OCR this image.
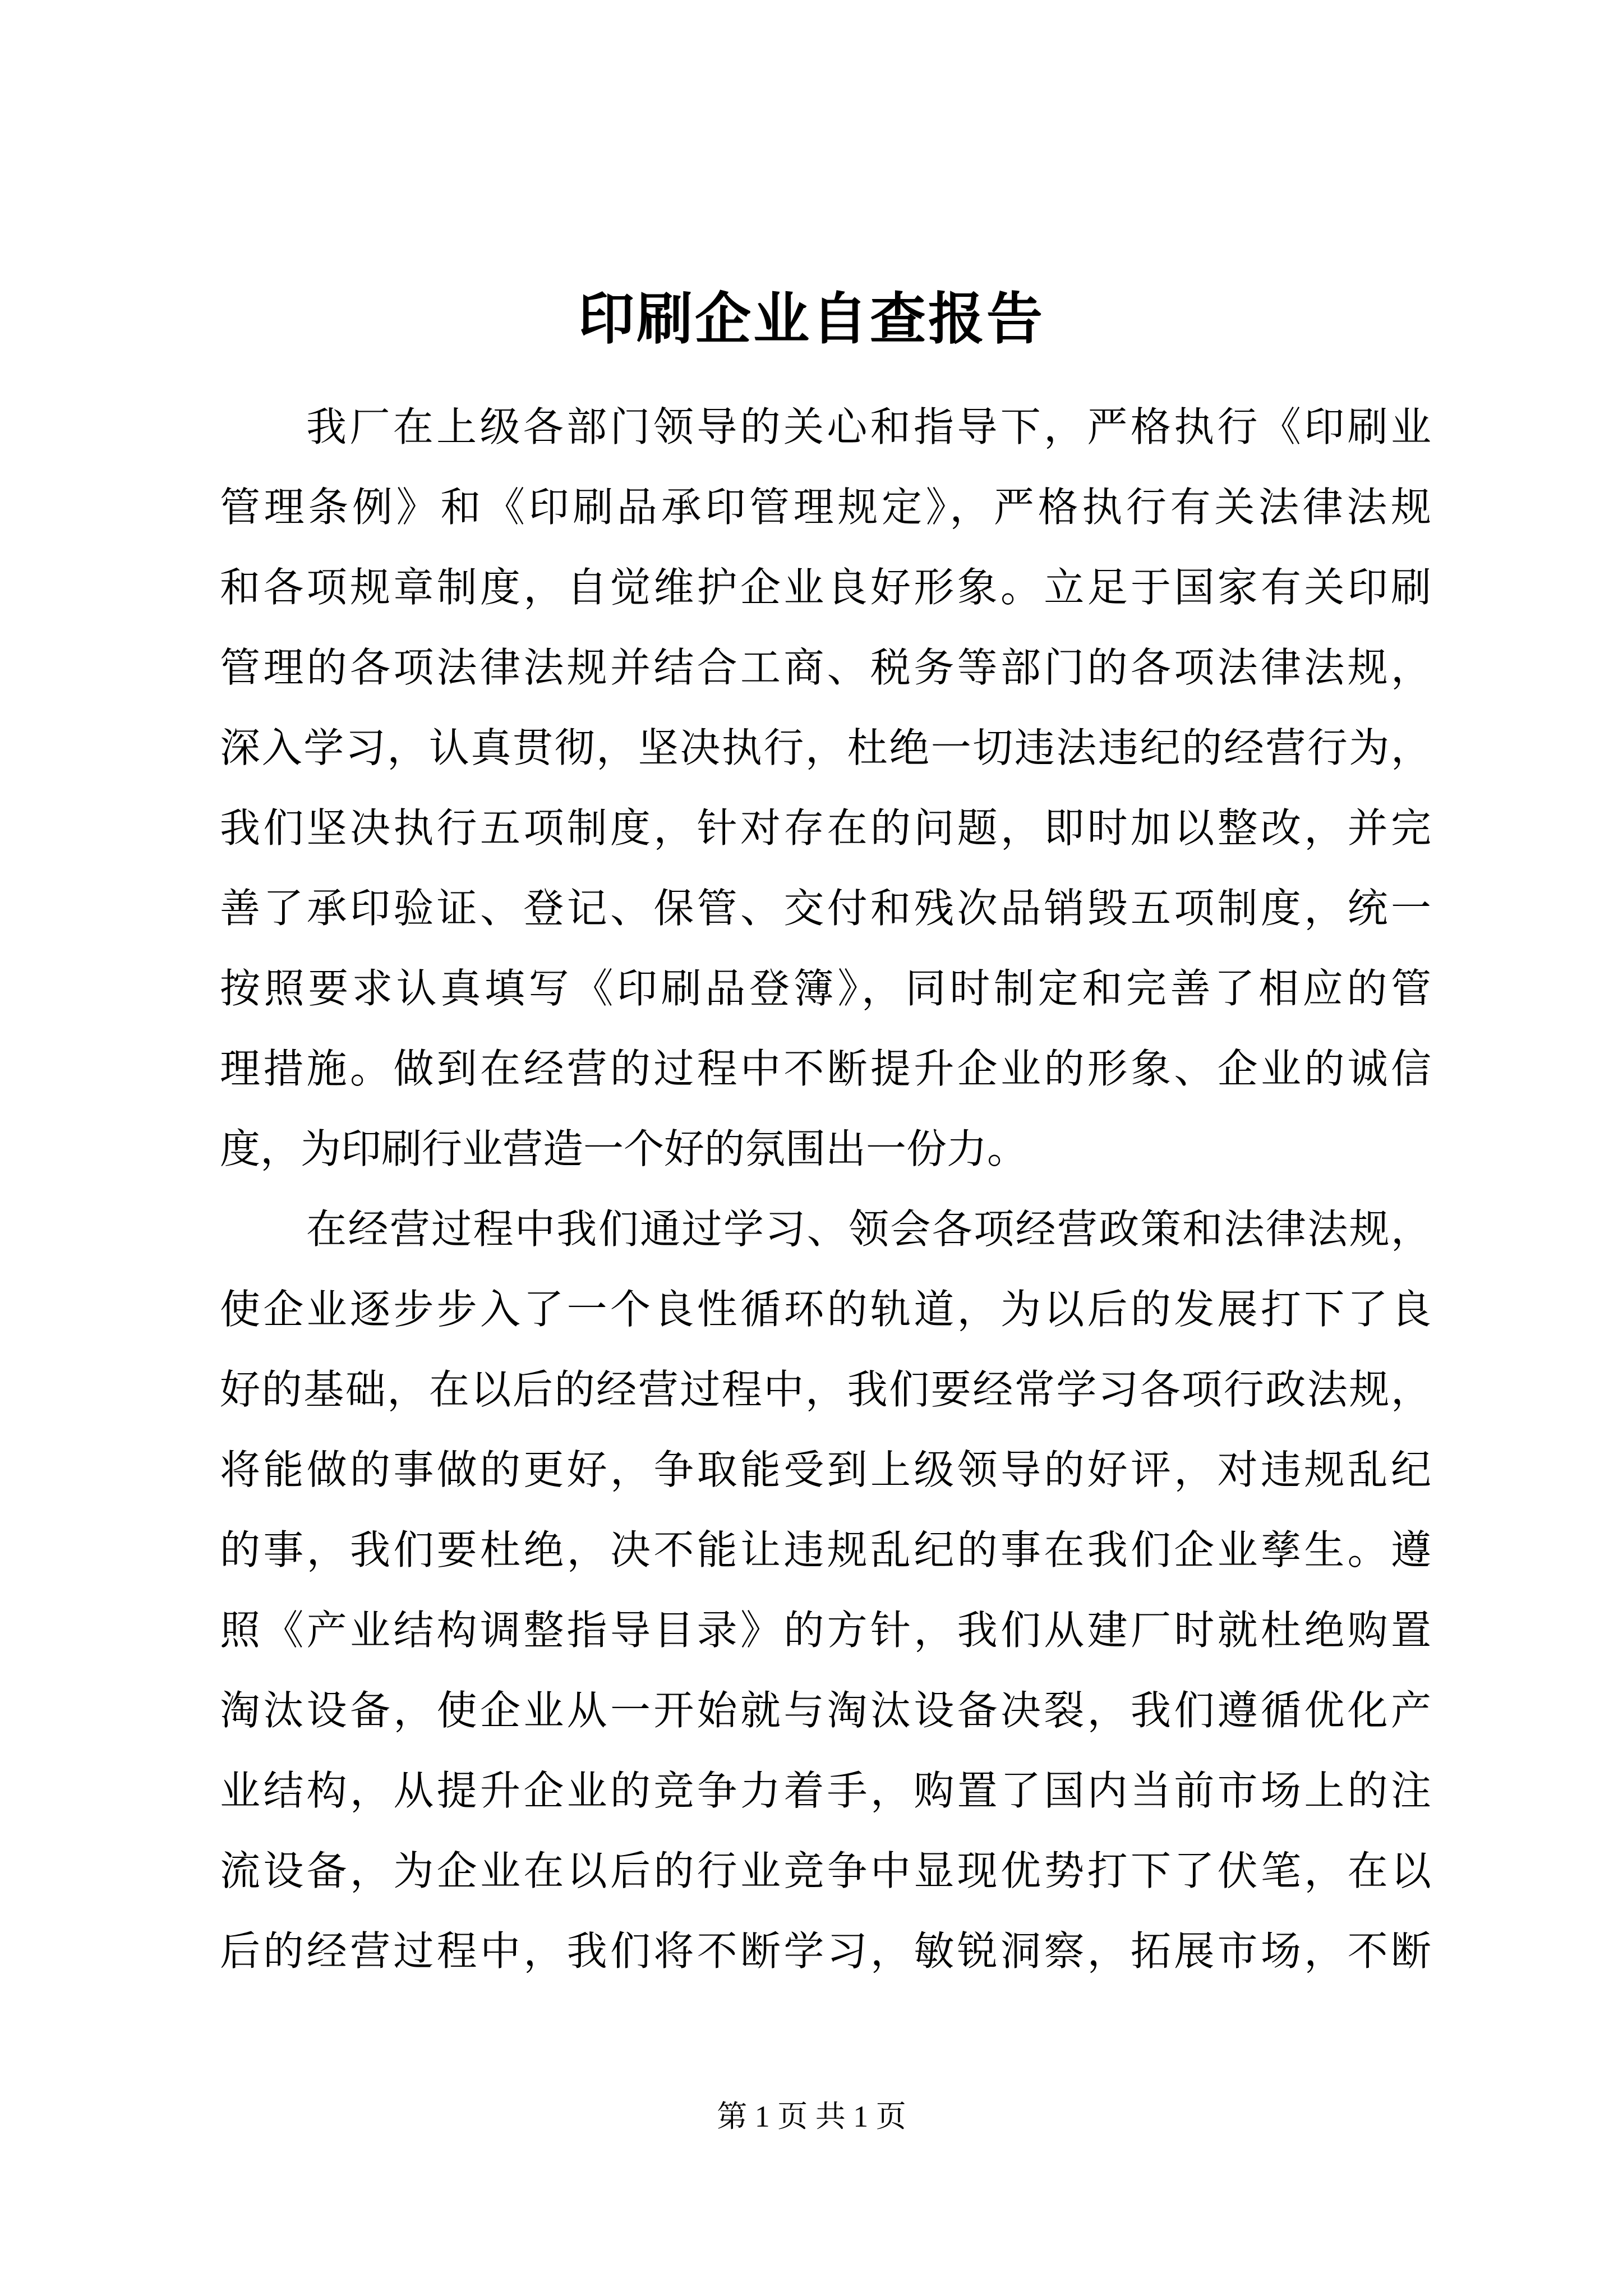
印刷企业自查报告
我厂在上级各部门领导的关心和指导下，严格执行《印刷业
管理条例》和《印刷品承印管理规定》，严格执行有关法律法规
和各项规章制度，自觉维护企业良好形象。立足于国家有关印刷
管理的各项法律法规并结合工商、税务等部门的各项法律法规，
深入学习，认真贯彻，坚决执行，杜绝一切违法违纪的经营行为，
我们坚决执行五项制度，针对存在的问题，即时加以整改，并完
善了承印验证、登记、保管、交付和残次品销毁五项制度，统一
按照要求认真填写《印刷品登簿》，同时制定和完善了相应的管
理措施。做到在经营的过程中不断提升企业的形象、企业的诚信
度，为印刷行业营造一个好的氛围出一份力。
在经营过程中我们通过学习、领会各项经营政策和法律法规，
使企业逐步步入了一个良性循环的轨道，为以后的发展打下了良
好的基础，在以后的经营过程中，我们要经常学习各项行政法规，
将能做的事做的更好，争取能受到上级领导的好评，对违规乱纪
的事，我们要杜绝，决不能让违规乱纪的事在我们企业孳生。遵
照《产业结构调整指导目录》的方针，我们从建厂时就杜绝购置
淘汰设备，使企业从一开始就与淘汰设备决裂，我们遵循优化产
业结构，从提升企业的竞争力着手，购置了国内当前市场上的注
流设备，为企业在以后的行业竞争中显现优势打下了伏笔，在以
后的经营过程中，我们将不断学习，敏锐洞察，拓展市场，不断
第 1 页 共 1 页
